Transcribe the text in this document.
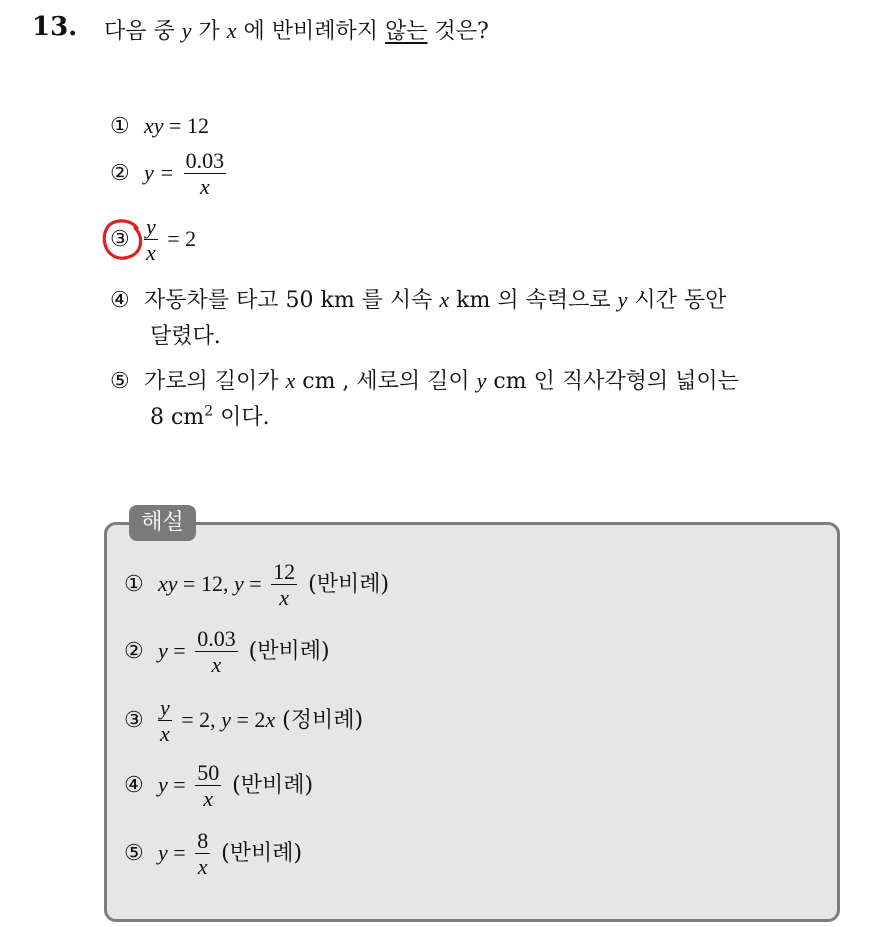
13. 다음 중 y 가 x 에 반비례하지 않는 것은?
① xy = 12
② $y = \frac{0.03}{x}$
③ $\frac{y}{x} = 2$
④ 자동차를 타고 50 km 를 시속 x km 의 속력으로 y 시간 동안
달렸다.
⑤ 가로의 길이가 x cm , 세로의 길이 y cm 인 직사각형의 넓이는
8 $cm^2$ 이다.
해설
① xy = 12, $y = \frac{12}{x}$ (반비례)
② $y = \frac{0.03}{x}$ (반비례)
③ $\frac{y}{x} = 2$, y = 2x (정비례)
④ $y = \frac{50}{x}$ (반비례)
⑤ $y = \frac{8}{x}$ (반비례)
